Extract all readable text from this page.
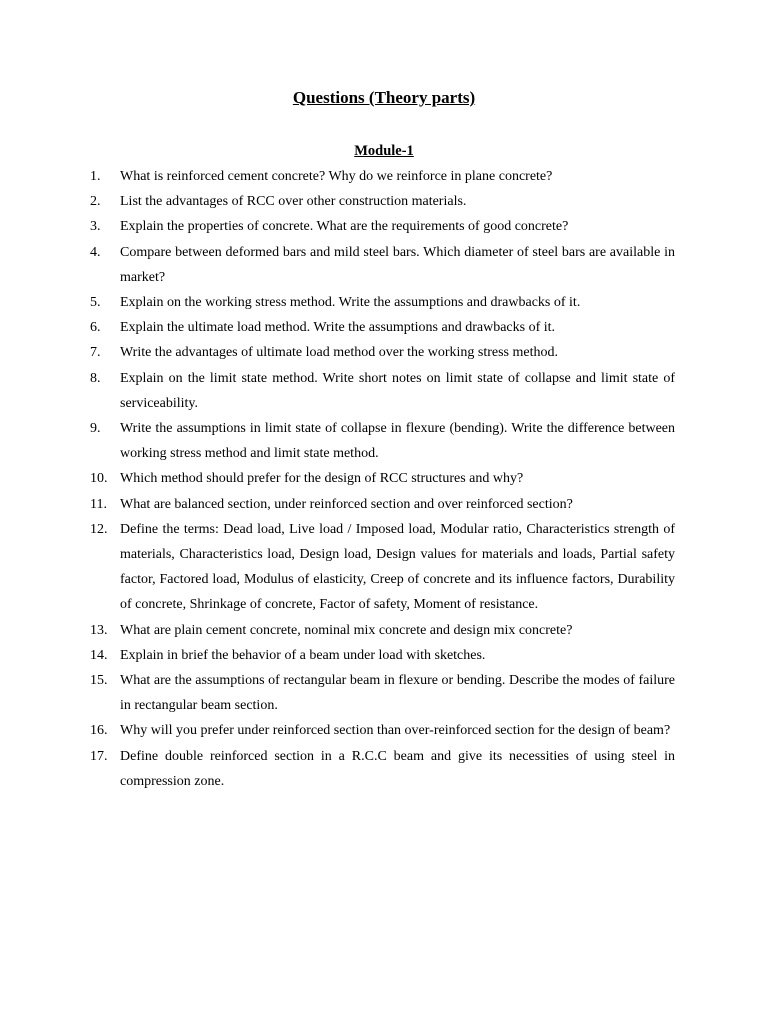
Questions (Theory parts)
Module-1
1. What is reinforced cement concrete? Why do we reinforce in plane concrete?
2. List the advantages of RCC over other construction materials.
3. Explain the properties of concrete. What are the requirements of good concrete?
4. Compare between deformed bars and mild steel bars. Which diameter of steel bars are available in market?
5. Explain on the working stress method. Write the assumptions and drawbacks of it.
6. Explain the ultimate load method. Write the assumptions and drawbacks of it.
7. Write the advantages of ultimate load method over the working stress method.
8. Explain on the limit state method. Write short notes on limit state of collapse and limit state of serviceability.
9. Write the assumptions in limit state of collapse in flexure (bending). Write the difference between working stress method and limit state method.
10. Which method should prefer for the design of RCC structures and why?
11. What are balanced section, under reinforced section and over reinforced section?
12. Define the terms: Dead load, Live load / Imposed load, Modular ratio, Characteristics strength of materials, Characteristics load, Design load, Design values for materials and loads, Partial safety factor, Factored load, Modulus of elasticity, Creep of concrete and its influence factors, Durability of concrete, Shrinkage of concrete, Factor of safety, Moment of resistance.
13. What are plain cement concrete, nominal mix concrete and design mix concrete?
14. Explain in brief the behavior of a beam under load with sketches.
15. What are the assumptions of rectangular beam in flexure or bending. Describe the modes of failure in rectangular beam section.
16. Why will you prefer under reinforced section than over-reinforced section for the design of beam?
17. Define double reinforced section in a R.C.C beam and give its necessities of using steel in compression zone.
